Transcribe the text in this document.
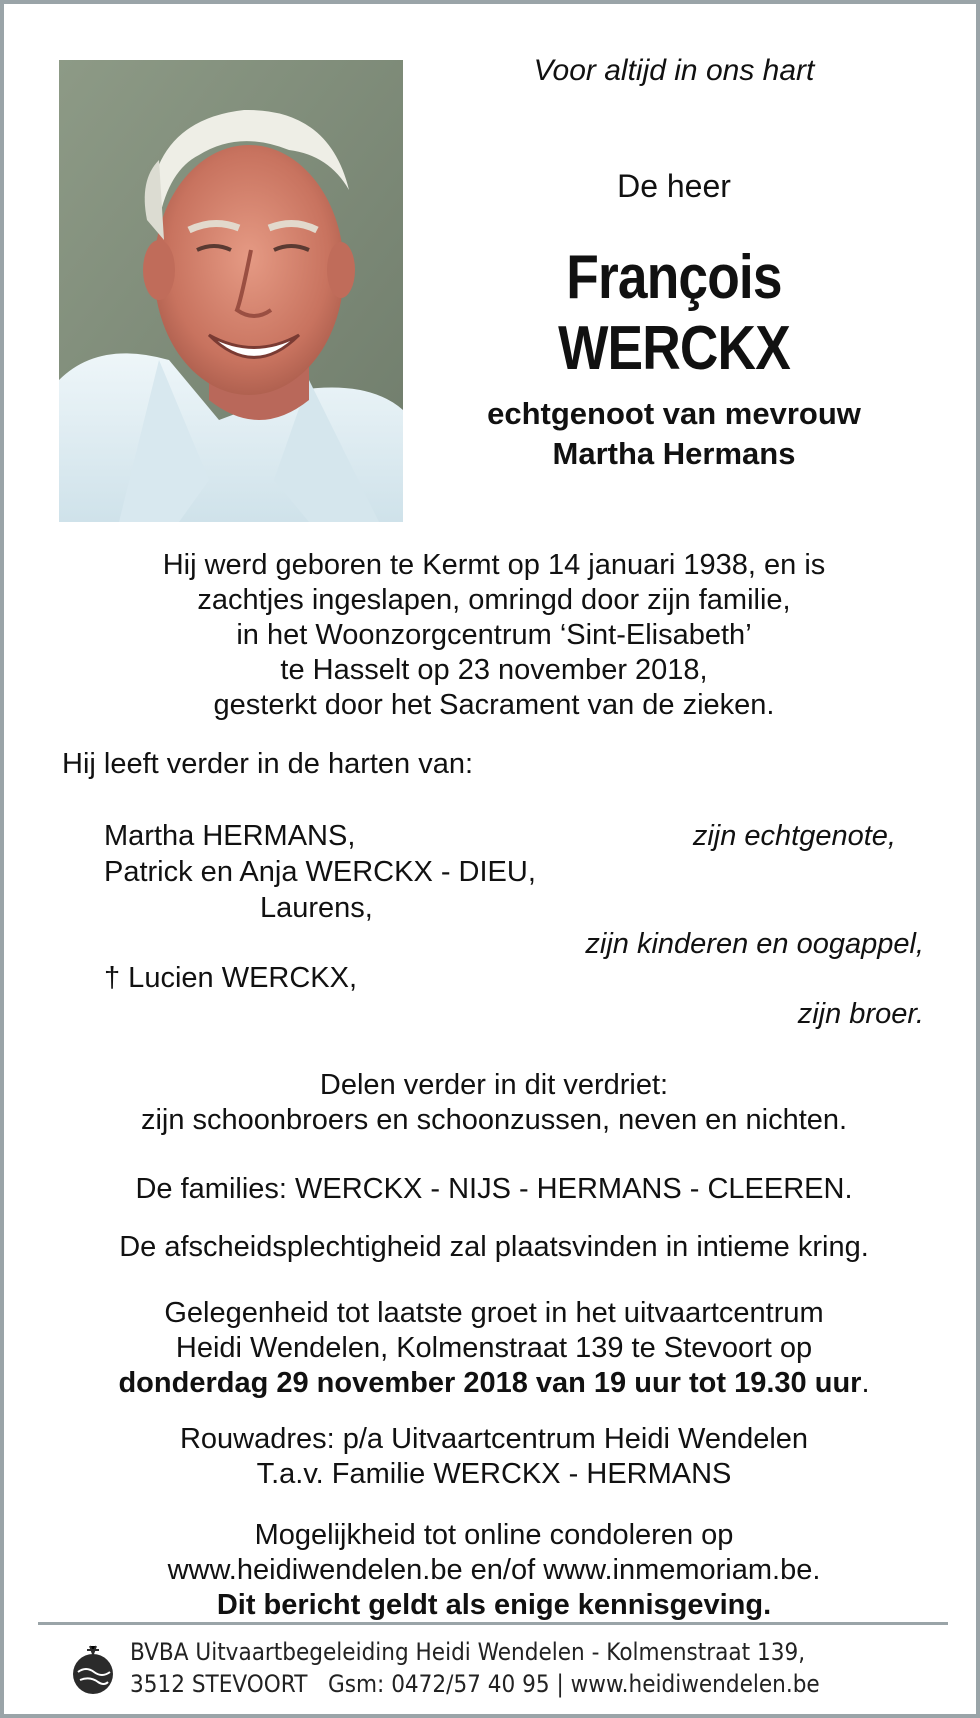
Voor altijd in ons hart
De heer
François WERCKX
echtgenoot van mevrouw
Martha Hermans
Hij werd geboren te Kermt op 14 januari 1938, en is
zachtjes ingeslapen, omringd door zijn familie,
in het Woonzorgcentrum ‘Sint-Elisabeth’
te Hasselt op 23 november 2018,
gesterkt door het Sacrament van de zieken.
Hij leeft verder in de harten van:
Martha HERMANS,	zijn echtgenote,
Patrick en Anja WERCKX - DIEU,
Laurens,
zijn kinderen en oogappel,
† Lucien WERCKX,
zijn broer.
Delen verder in dit verdriet:
zijn schoonbroers en schoonzussen, neven en nichten.
De families: WERCKX - NIJS - HERMANS - CLEEREN.
De afscheidsplechtigheid zal plaatsvinden in intieme kring.
Gelegenheid tot laatste groet in het uitvaartcentrum
Heidi Wendelen, Kolmenstraat 139 te Stevoort op
donderdag 29 november 2018 van 19 uur tot 19.30 uur.
Rouwadres: p/a Uitvaartcentrum Heidi Wendelen
T.a.v. Familie WERCKX - HERMANS
Mogelijkheid tot online condoleren op
www.heidiwendelen.be en/of www.inmemoriam.be.
Dit bericht geldt als enige kennisgeving.
BVBA Uitvaartbegeleiding Heidi Wendelen - Kolmenstraat 139,
3512 STEVOORT   Gsm: 0472/57 40 95 | www.heidiwendelen.be
